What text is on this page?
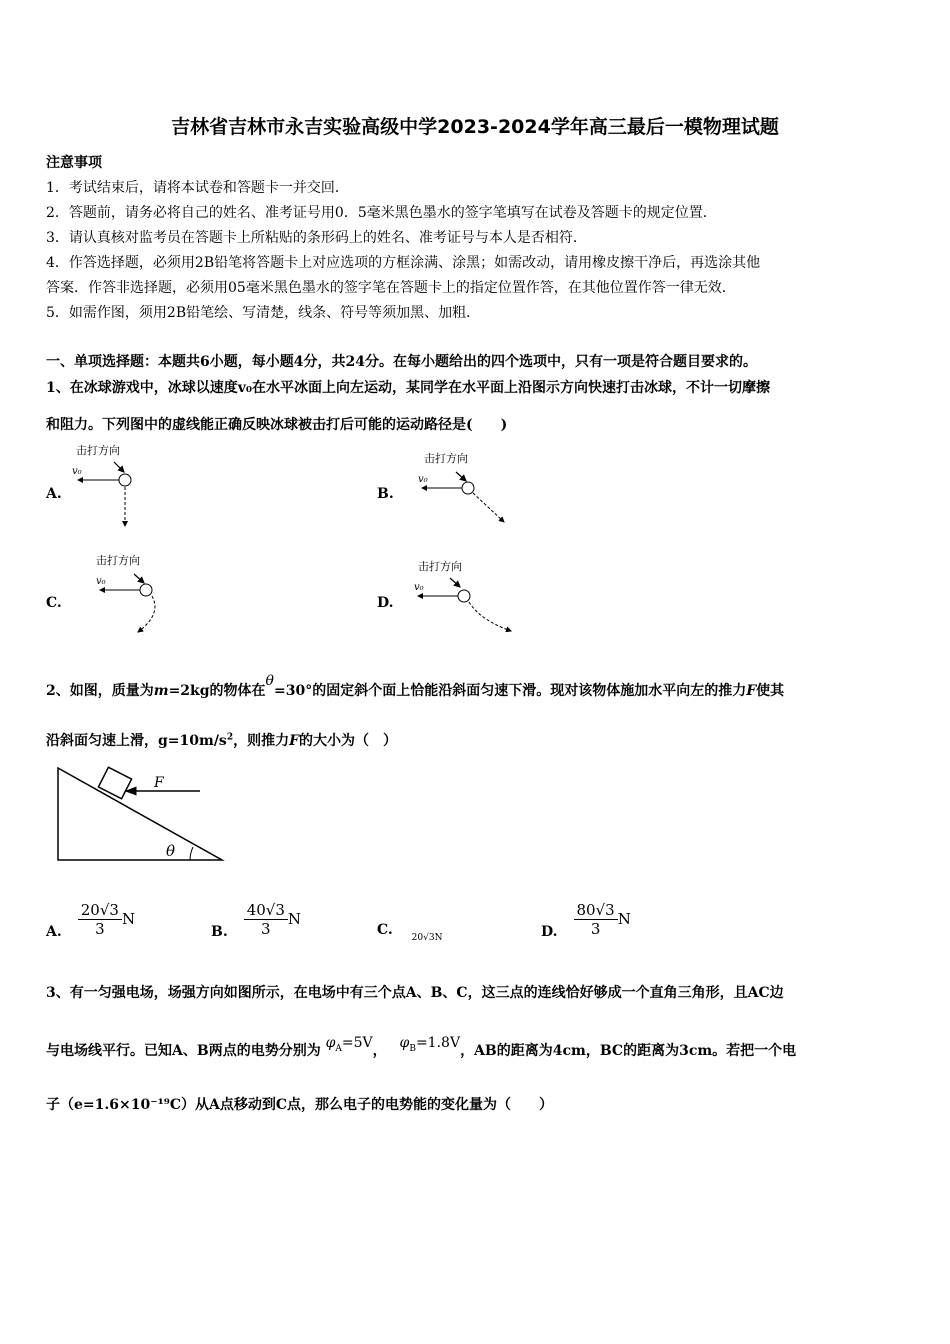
吉林省吉林市永吉实验高级中学2023-2024学年高三最后一模物理试题
注意事项
1．考试结束后，请将本试卷和答题卡一并交回．
2．答题前，请务必将自己的姓名、准考证号用0．5毫米黑色墨水的签字笔填写在试卷及答题卡的规定位置．
3．请认真核对监考员在答题卡上所粘贴的条形码上的姓名、准考证号与本人是否相符．
4．作答选择题，必须用2B铅笔将答题卡上对应选项的方框涂满、涂黑；如需改动，请用橡皮擦干净后，再选涂其他
答案．作答非选择题，必须用05毫米黑色墨水的签字笔在答题卡上的指定位置作答，在其他位置作答一律无效．
5．如需作图，须用2B铅笔绘、写清楚，线条、符号等须加黑、加粗．
一、单项选择题：本题共6小题，每小题4分，共24分。在每小题给出的四个选项中，只有一项是符合题目要求的。
1、在冰球游戏中，冰球以速度v₀在水平冰面上向左运动，某同学在水平面上沿图示方向快速打击冰球，不计一切摩擦
和阻力。下列图中的虚线能正确反映冰球被击打后可能的运动路径是(　　)
A.	B.
C.	D.
击打方向
v₀
击打方向
v₀
击打方向
v₀
击打方向
v₀
2、如图，质量为m=2kg的物体在θ=30°的固定斜个面上恰能沿斜面匀速下滑。现对该物体施加水平向左的推力F使其
沿斜面匀速上滑，$g=10m/s^2$，则推力F的大小为（　）
F
θ
A. $\frac{20√3}{3}$ N
B. $\frac{40√3}{3}$ N
C. $_{20√3N}$	D. $\frac{80√3}{3}$ N
3、有一匀强电场，场强方向如图所示，在电场中有三个点A、B、C，这三点的连线恰好够成一个直角三角形，且AC边
与电场线平行。已知A、B两点的电势分别为 $\varphi_A=5V$， $\varphi_B=1.8V$，AB的距离为4cm，BC的距离为3cm。若把一个电
子（e=1.6×10⁻¹⁹C）从A点移动到C点，那么电子的电势能的变化量为（　　）
